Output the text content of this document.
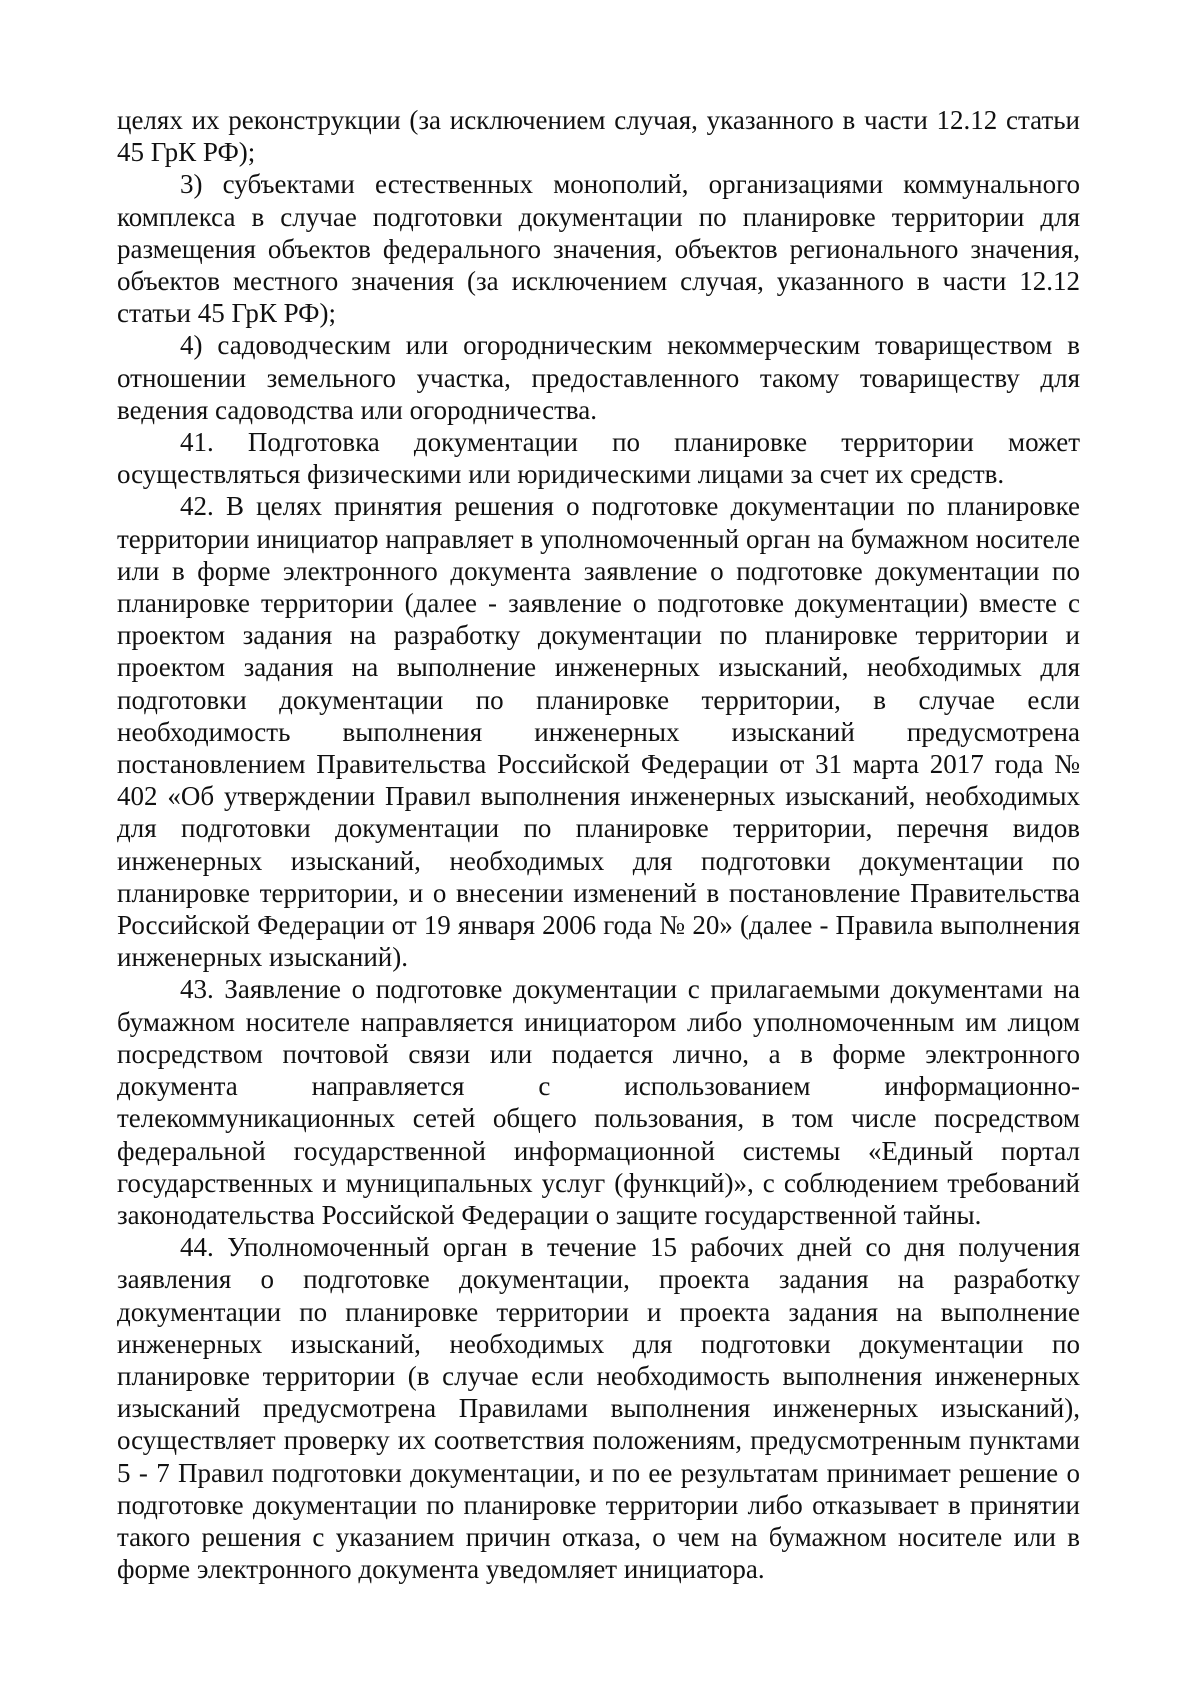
целях их реконструкции (за исключением случая, указанного в части 12.12 статьи 45 ГрК РФ);

3) субъектами естественных монополий, организациями коммунального комплекса в случае подготовки документации по планировке территории для размещения объектов федерального значения, объектов регионального значения, объектов местного значения (за исключением случая, указанного в части 12.12 статьи 45 ГрК РФ);

4) садоводческим или огородническим некоммерческим товариществом в отношении земельного участка, предоставленного такому товариществу для ведения садоводства или огородничества.

41. Подготовка документации по планировке территории может осуществляться физическими или юридическими лицами за счет их средств.

42. В целях принятия решения о подготовке документации по планировке территории инициатор направляет в уполномоченный орган на бумажном носителе или в форме электронного документа заявление о подготовке документации по планировке территории (далее - заявление о подготовке документации) вместе с проектом задания на разработку документации по планировке территории и проектом задания на выполнение инженерных изысканий, необходимых для подготовки документации по планировке территории, в случае если необходимость выполнения инженерных изысканий предусмотрена постановлением Правительства Российской Федерации от 31 марта 2017 года № 402 «Об утверждении Правил выполнения инженерных изысканий, необходимых для подготовки документации по планировке территории, перечня видов инженерных изысканий, необходимых для подготовки документации по планировке территории, и о внесении изменений в постановление Правительства Российской Федерации от 19 января 2006 года № 20» (далее - Правила выполнения инженерных изысканий).

43. Заявление о подготовке документации с прилагаемыми документами на бумажном носителе направляется инициатором либо уполномоченным им лицом посредством почтовой связи или подается лично, а в форме электронного документа направляется с использованием информационно-телекоммуникационных сетей общего пользования, в том числе посредством федеральной государственной информационной системы «Единый портал государственных и муниципальных услуг (функций)», с соблюдением требований законодательства Российской Федерации о защите государственной тайны.

44. Уполномоченный орган в течение 15 рабочих дней со дня получения заявления о подготовке документации, проекта задания на разработку документации по планировке территории и проекта задания на выполнение инженерных изысканий, необходимых для подготовки документации по планировке территории (в случае если необходимость выполнения инженерных изысканий предусмотрена Правилами выполнения инженерных изысканий), осуществляет проверку их соответствия положениям, предусмотренным пунктами 5 - 7 Правил подготовки документации, и по ее результатам принимает решение о подготовке документации по планировке территории либо отказывает в принятии такого решения с указанием причин отказа, о чем на бумажном носителе или в форме электронного документа уведомляет инициатора.
